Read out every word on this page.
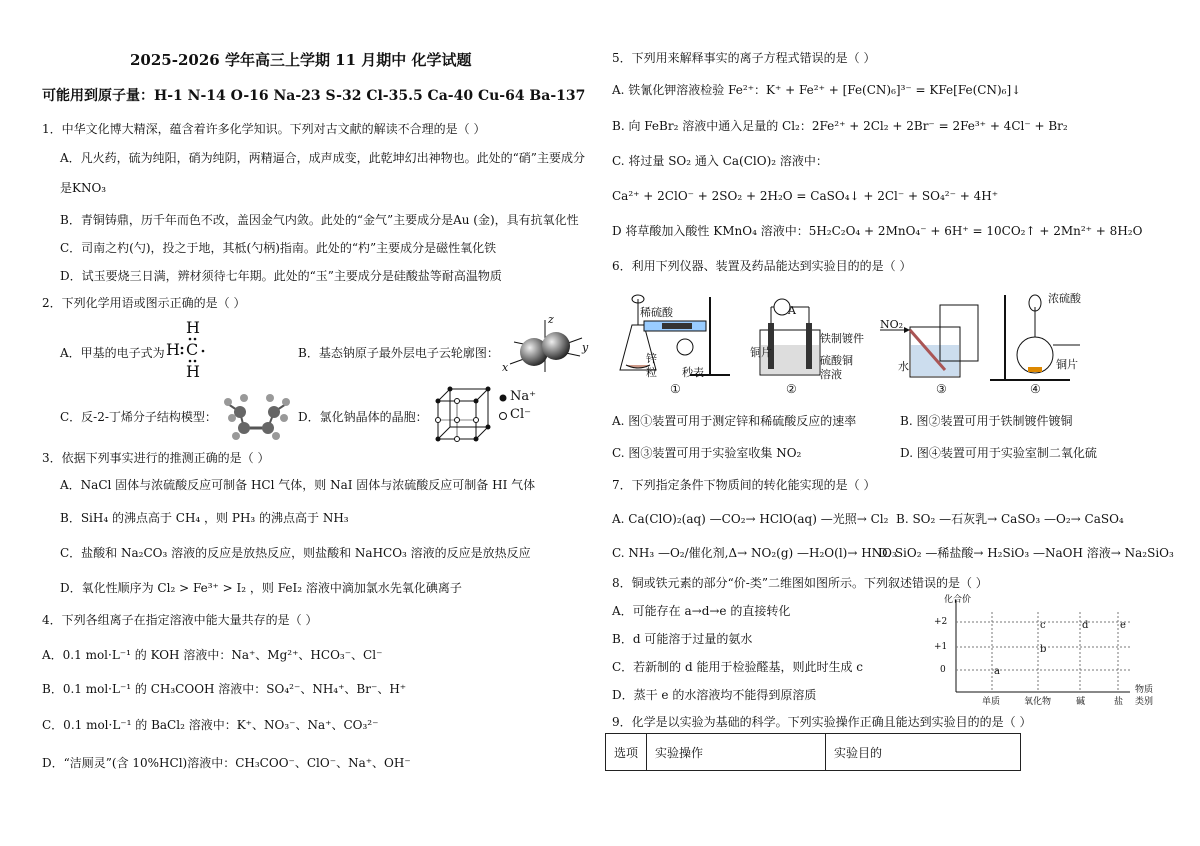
2025-2026 学年高三上学期 11 月期中 化学试题
可能用到原子量：H-1 N-14 O-16 Na-23 S-32 Cl-35.5 Ca-40 Cu-64 Ba-137
1．中华文化博大精深，蕴含着许多化学知识。下列对古文献的解读不合理的是（ ）
A．凡火药，硫为纯阳，硝为纯阴，两精逼合，成声成变，此乾坤幻出神物也。此处的“硝”主要成分
是KNO₃
B．青铜铸鼎，历千年而色不改，盖因金气内敛。此处的“金气”主要成分是Au (金)，具有抗氧化性
C．司南之杓(勺)，投之于地，其柢(勺柄)指南。此处的“杓”主要成分是磁性氧化铁
D．试玉要烧三日满，辨材须待七年期。此处的“玉”主要成分是硅酸盐等耐高温物质
2．下列化学用语或图示正确的是（ ）
A．甲基的电子式为
H
H C
H
B．基态钠原子最外层电子云轮廓图：
z
y
x
C．反-2-丁烯分子结构模型：	D．氯化钠晶体的晶胞：
Na⁺
Cl⁻
3．依据下列事实进行的推测正确的是（ ）
A．NaCl 固体与浓硫酸反应可制备 HCl 气体，则 NaI 固体与浓硫酸反应可制备 HI 气体
B．SiH₄ 的沸点高于 CH₄ ，则 PH₃ 的沸点高于 NH₃
C．盐酸和 Na₂CO₃ 溶液的反应是放热反应，则盐酸和 NaHCO₃ 溶液的反应是放热反应
D．氧化性顺序为 Cl₂ > Fe³⁺ > I₂ ，则 FeI₂ 溶液中滴加氯水先氧化碘离子
4．下列各组离子在指定溶液中能大量共存的是（ ）
A．0.1 mol·L⁻¹ 的 KOH 溶液中：Na⁺、Mg²⁺、HCO₃⁻、Cl⁻
B．0.1 mol·L⁻¹ 的 CH₃COOH 溶液中：SO₄²⁻、NH₄⁺、Br⁻、H⁺
C．0.1 mol·L⁻¹ 的 BaCl₂ 溶液中：K⁺、NO₃⁻、Na⁺、CO₃²⁻
D．“洁厕灵”(含 10%HCl)溶液中：CH₃COO⁻、ClO⁻、Na⁺、OH⁻
5．下列用来解释事实的离子方程式错误的是（ ）
A. 铁氰化钾溶液检验 Fe²⁺：K⁺ + Fe²⁺ + [Fe(CN)₆]³⁻ = KFe[Fe(CN)₆]↓
B. 向 FeBr₂ 溶液中通入足量的 Cl₂：2Fe²⁺ + 2Cl₂ + 2Br⁻ = 2Fe³⁺ + 4Cl⁻ + Br₂
C. 将过量 SO₂ 通入 Ca(ClO)₂ 溶液中：
Ca²⁺ + 2ClO⁻ + 2SO₂ + 2H₂O = CaSO₄↓ + 2Cl⁻ + SO₄²⁻ + 4H⁺
D 将草酸加入酸性 KMnO₄ 溶液中：5H₂C₂O₄ + 2MnO₄⁻ + 6H⁺ = 10CO₂↑ + 2Mn²⁺ + 8H₂O
6．利用下列仪器、装置及药品能达到实验目的的是（ ）
稀硫酸
锌
粒 秒表
①
A
铜片
铁制镀件
硫酸铜
溶液
②
NO₂
水
③
浓硫酸
铜片
④
A. 图①装置可用于测定锌和稀硫酸反应的速率	B. 图②装置可用于铁制镀件镀铜
C. 图③装置可用于实验室收集 NO₂	D. 图④装置可用于实验室制二氧化硫
7．下列指定条件下物质间的转化能实现的是（ ）
A. Ca(ClO)₂(aq) —CO₂→ HClO(aq) —光照→ Cl₂ B. SO₂ —石灰乳→ CaSO₃ —O₂→ CaSO₄
C. NH₃ —O₂/催化剂,Δ→ NO₂(g) —H₂O(l)→ HNO₃
D. SiO₂ —稀盐酸→ H₂SiO₃ —NaOH 溶液→ Na₂SiO₃
8．铜或铁元素的部分“价-类”二维图如图所示。下列叙述错误的是（ ）
A．可能存在 a→d→e 的直接转化
B．d 可能溶于过量的氨水
C．若新制的 d 能用于检验醛基，则此时生成 c
D．蒸干 e 的水溶液均不能得到原溶质
化合价
+2
+1
0
单质	氧化物	碱	盐
物质
类别
a
b
c	d	e
9．化学是以实验为基础的科学。下列实验操作正确且能达到实验目的的是（ ）
选项	实验操作	实验目的
